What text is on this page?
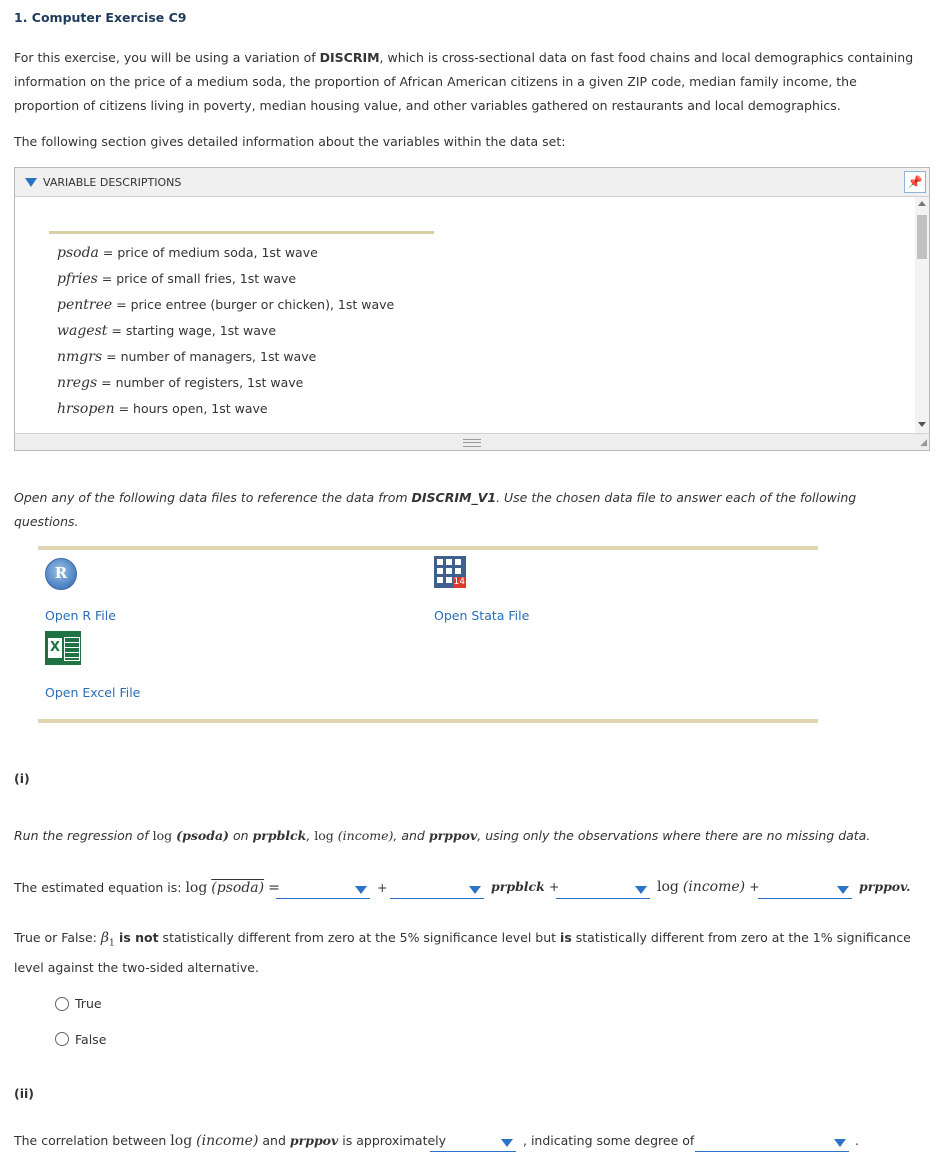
1. Computer Exercise C9
For this exercise, you will be using a variation of DISCRIM, which is cross-sectional data on fast food chains and local demographics containing information on the price of a medium soda, the proportion of African American citizens in a given ZIP code, median family income, the proportion of citizens living in poverty, median housing value, and other variables gathered on restaurants and local demographics.
The following section gives detailed information about the variables within the data set:
VARIABLE DESCRIPTIONS	📌
psoda = price of medium soda, 1st wave
pfries = price of small fries, 1st wave
pentree = price entree (burger or chicken), 1st wave
wagest = starting wage, 1st wave
nmgrs = number of managers, 1st wave
nregs = number of registers, 1st wave
hrsopen = hours open, 1st wave
◢
Open any of the following data files to reference the data from DISCRIM_V1. Use the chosen data file to answer each of the following questions.
R
Open R File
14
Open Stata File
X
Open Excel File
(i)
Run the regression of log (psoda) on prpblck, log (income), and prppov, using only the observations where there are no missing data.
The estimated equation is: log (psoda) =	+	prpblck +	log (income) +	prppov.
True or False: $\beta_1$ is not statistically different from zero at the 5% significance level but is statistically different from zero at the 1% significance level against the two-sided alternative.
True
False
(ii)
The correlation between log (income) and prppov is approximately	, indicating some degree of	.
